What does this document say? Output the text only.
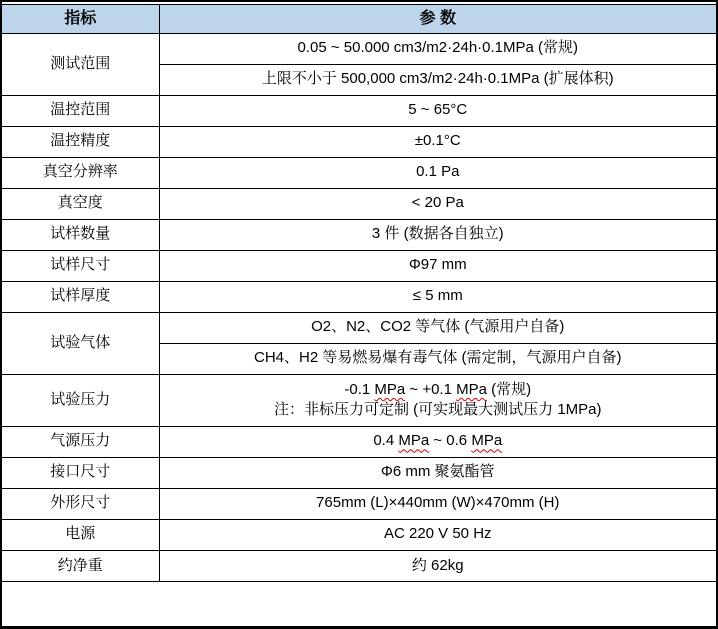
指标	参 数
测试范围	0.05 ~ 50.000 cm3/m2·24h·0.1MPa (常规)
	上限不小于 500,000 cm3/m2·24h·0.1MPa (扩展体积)
温控范围	5 ~ 65°C
温控精度	±0.1°C
真空分辨率	0.1 Pa
真空度	< 20 Pa
试样数量	3 件 (数据各自独立)
试样尺寸	Φ97 mm
试样厚度	≤ 5 mm
试验气体	O2、N2、CO2 等气体 (气源用户自备)
	CH4、H2 等易燃易爆有毒气体 (需定制，气源用户自备)
试验压力	-0.1 MPa ~ +0.1 MPa (常规)
注：非标压力可定制 (可实现最大测试压力 1MPa)

气源压力	0.4 MPa ~ 0.6 MPa
接口尺寸	Φ6 mm 聚氨酯管
外形尺寸	765mm (L)×440mm (W)×470mm (H)
电源	AC 220 V 50 Hz
约净重	约 62kg
